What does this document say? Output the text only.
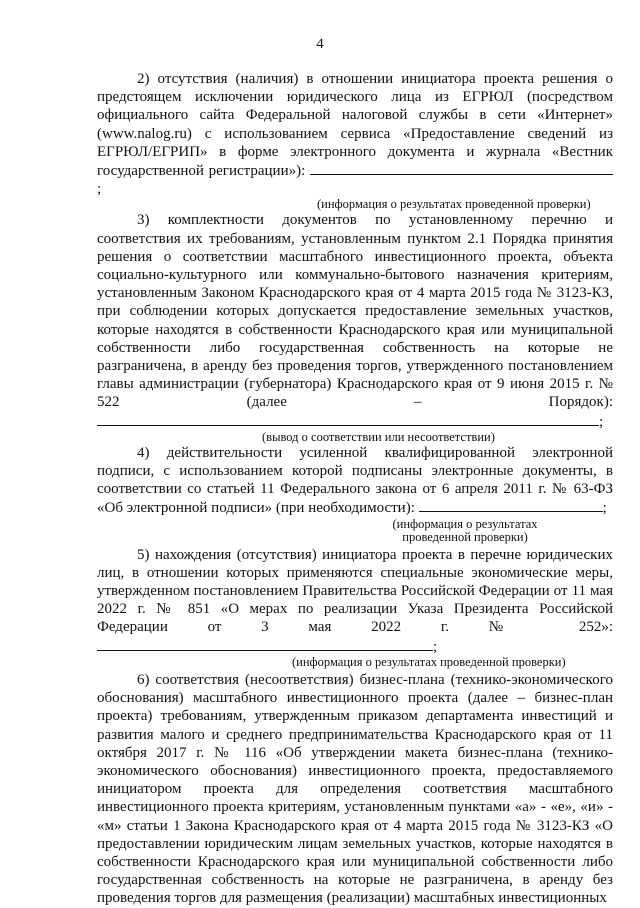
4

2) отсутствия (наличия) в отношении инициатора проекта решения о предстоящем исключении юридического лица из ЕГРЮЛ (посредством официального сайта Федеральной налоговой службы в сети «Интернет» (www.nalog.ru) с использованием сервиса «Предоставление сведений из ЕГРЮЛ/ЕГРИП» в форме электронного документа и журнала «Вестник государственной регистрации»): ;

(информация о результатах проведенной проверки)

3) комплектности документов по установленному перечню и соответствия их требованиям, установленным пунктом 2.1 Порядка принятия решения о соответствии масштабного инвестиционного проекта, объекта социально-культурного или коммунально-бытового назначения критериям, установленным Законом Краснодарского края от 4 марта 2015 года № 3123-КЗ, при соблюдении которых допускается предоставление земельных участков, которые находятся в собственности Краснодарского края или муниципальной собственности либо государственная собственность на которые не разграничена, в аренду без проведения торгов, утвержденного постановлением главы администрации (губернатора) Краснодарского края от 9 июня 2015 г. № 522 (далее – Порядок): ;

(вывод о соответствии или несоответствии)

4) действительности усиленной квалифицированной электронной подписи, с использованием которой подписаны электронные документы, в соответствии со статьей 11 Федерального закона от 6 апреля 2011 г. № 63-ФЗ «Об электронной подписи» (при необходимости):	;

(информация о результатах проведенной проверки)

5) нахождения (отсутствия) инициатора проекта в перечне юридических лиц, в отношении которых применяются специальные экономические меры, утвержденном постановлением Правительства Российской Федерации от 11 мая 2022 г. № 851 «О мерах по реализации Указа Президента Российской Федерации от 3 мая 2022 г. № 252»: ;

(информация о результатах проведенной проверки)

6) соответствия (несоответствия) бизнес-плана (технико-экономического обоснования) масштабного инвестиционного проекта (далее – бизнес-план проекта) требованиям, утвержденным приказом департамента инвестиций и развития малого и среднего предпринимательства Краснодарского края от 11 октября 2017 г. № 116 «Об утверждении макета бизнес-плана (технико-экономического обоснования) инвестиционного проекта, предоставляемого инициатором проекта для определения соответствия масштабного инвестиционного проекта критериям, установленным пунктами «а» - «е», «и» - «м» статьи 1 Закона Краснодарского края от 4 марта 2015 года № 3123-КЗ «О предоставлении юридическим лицам земельных участков, которые находятся в собственности Краснодарского края или муниципальной собственности либо государственная собственность на которые не разграничена, в аренду без проведения торгов для размещения (реализации) масштабных инвестиционных
